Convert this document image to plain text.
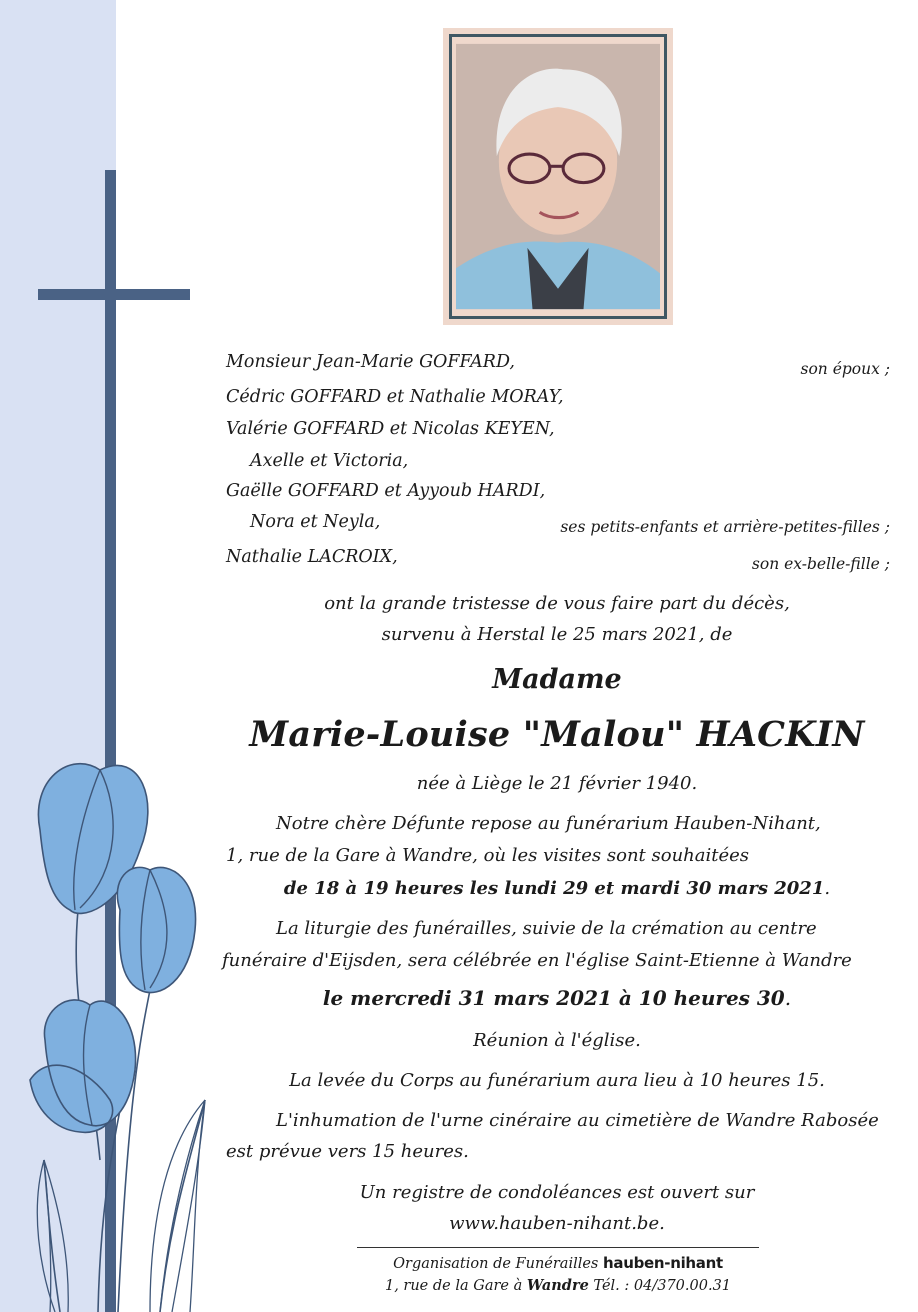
Monsieur Jean-Marie GOFFARD,	son époux ;
Cédric GOFFARD et Nathalie MORAY,
Valérie GOFFARD et Nicolas KEYEN,
Axelle et Victoria,
Gaëlle GOFFARD et Ayyoub HARDI,
Nora et Neyla,	ses petits-enfants et arrière-petites-filles ;
Nathalie LACROIX,	son ex-belle-fille ;
ont la grande tristesse de vous faire part du décès,
survenu à Herstal le 25 mars 2021, de
Madame
Marie-Louise "Malou" HACKIN
née à Liège le 21 février 1940.
Notre chère Défunte repose au funérarium Hauben-Nihant,
1, rue de la Gare à Wandre, où les visites sont souhaitées
de 18 à 19 heures les lundi 29 et mardi 30 mars 2021.
La liturgie des funérailles, suivie de la crémation au centre
funéraire d'Eijsden, sera célébrée en l'église Saint-Etienne à Wandre
le mercredi 31 mars 2021 à 10 heures 30.
Réunion à l'église.
La levée du Corps au funérarium aura lieu à 10 heures 15.
L'inhumation de l'urne cinéraire au cimetière de Wandre Rabosée
est prévue vers 15 heures.
Un registre de condoléances est ouvert sur
www.hauben-nihant.be.
Organisation de Funérailles hauben-nihant
1, rue de la Gare à Wandre Tél. : 04/370.00.31
